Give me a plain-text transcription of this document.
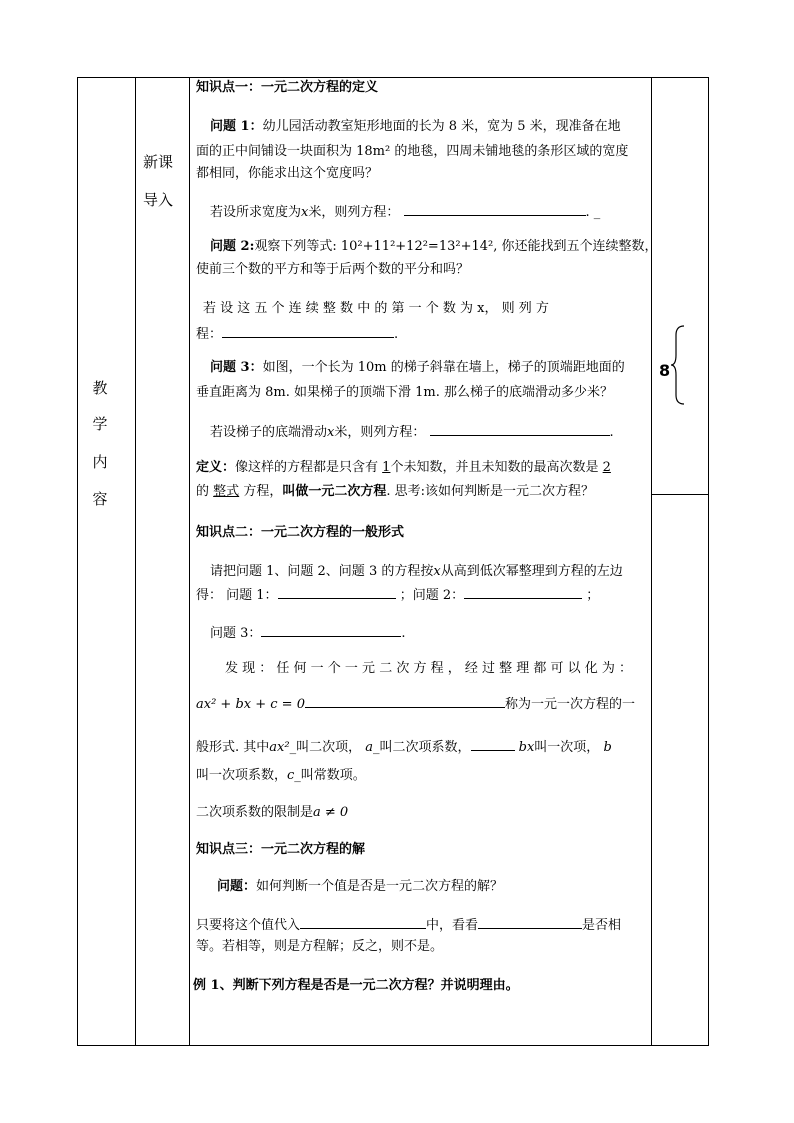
教
学
内
容
新课
导入
8
知识点一：一元二次方程的定义
问题 1：幼儿园活动教室矩形地面的长为 8 米，宽为 5 米，现准备在地
面的正中间铺设一块面积为 18m² 的地毯，四周未铺地毯的条形区域的宽度
都相同，你能求出这个宽度吗？
若设所求宽度为x米，则列方程：	. _
问题 2:观察下列等式: 10²+11²+12²=13²+14², 你还能找到五个连续整数，
使前三个数的平方和等于后两个数的平分和吗？
若 设 这 五 个 连 续 整 数 中 的 第 一 个 数 为 x， 则 列 方
程：	.
问题 3：如图，一个长为 10m 的梯子斜靠在墙上，梯子的顶端距地面的
垂直距离为 8m. 如果梯子的顶端下滑 1m. 那么梯子的底端滑动多少米？
若设梯子的底端滑动x米，则列方程：	.
定义：像这样的方程都是只含有 1个未知数，并且未知数的最高次数是 2
的 整式 方程，叫做一元二次方程. 思考:该如何判断是一元二次方程？
知识点二：一元二次方程的一般形式
请把问题 1、问题 2、问题 3 的方程按x从高到低次幂整理到方程的左边
得： 问题 1：	；问题 2：	；
问题 3：	.
发 现 ： 任 何 一 个 一 元 二 次 方 程 ， 经 过 整 理 都 可 以 化 为 ：
ax² + bx + c = 0	称为一元一次方程的一
般形式. 其中ax²_叫二次项， a_叫二次项系数，	bx叫一次项， b
叫一次项系数，c_叫常数项。
二次项系数的限制是a ≠ 0
知识点三：一元二次方程的解
问题：如何判断一个值是否是一元二次方程的解？
只要将这个值代入	中，看看	是否相
等。若相等，则是方程解；反之，则不是。
例 1、判断下列方程是否是一元二次方程？并说明理由。
